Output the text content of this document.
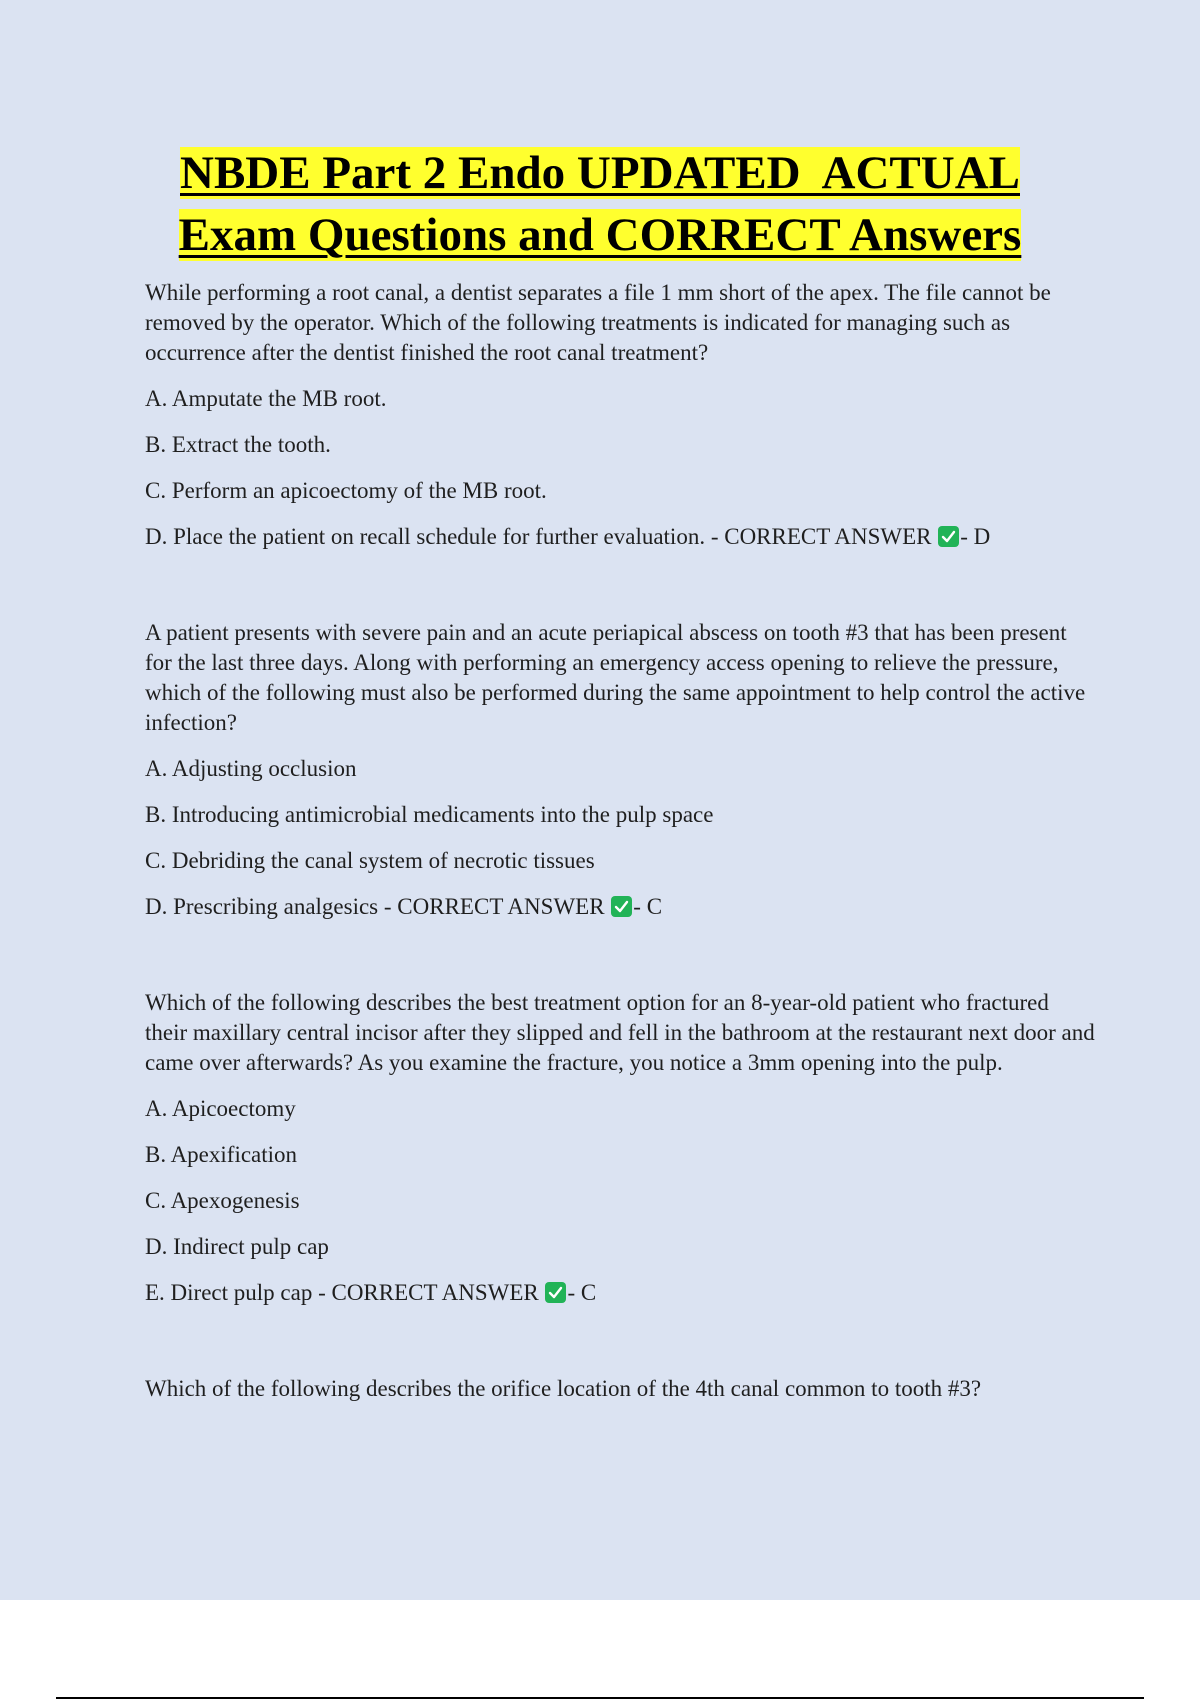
NBDE Part 2 Endo UPDATED  ACTUAL
Exam Questions and CORRECT Answers

While performing a root canal, a dentist separates a file 1 mm short of the apex. The file cannot be removed by the operator. Which of the following treatments is indicated for managing such as occurrence after the dentist finished the root canal treatment?

A. Amputate the MB root.

B. Extract the tooth.

C. Perform an apicoectomy of the MB root.

D. Place the patient on recall schedule for further evaluation. - CORRECT ANSWER - D

A patient presents with severe pain and an acute periapical abscess on tooth #3 that has been present for the last three days. Along with performing an emergency access opening to relieve the pressure, which of the following must also be performed during the same appointment to help control the active infection?

A. Adjusting occlusion

B. Introducing antimicrobial medicaments into the pulp space

C. Debriding the canal system of necrotic tissues

D. Prescribing analgesics - CORRECT ANSWER - C

Which of the following describes the best treatment option for an 8-year-old patient who fractured their maxillary central incisor after they slipped and fell in the bathroom at the restaurant next door and came over afterwards? As you examine the fracture, you notice a 3mm opening into the pulp.

A. Apicoectomy

B. Apexification

C. Apexogenesis

D. Indirect pulp cap

E. Direct pulp cap - CORRECT ANSWER - C

Which of the following describes the orifice location of the 4th canal common to tooth #3?
